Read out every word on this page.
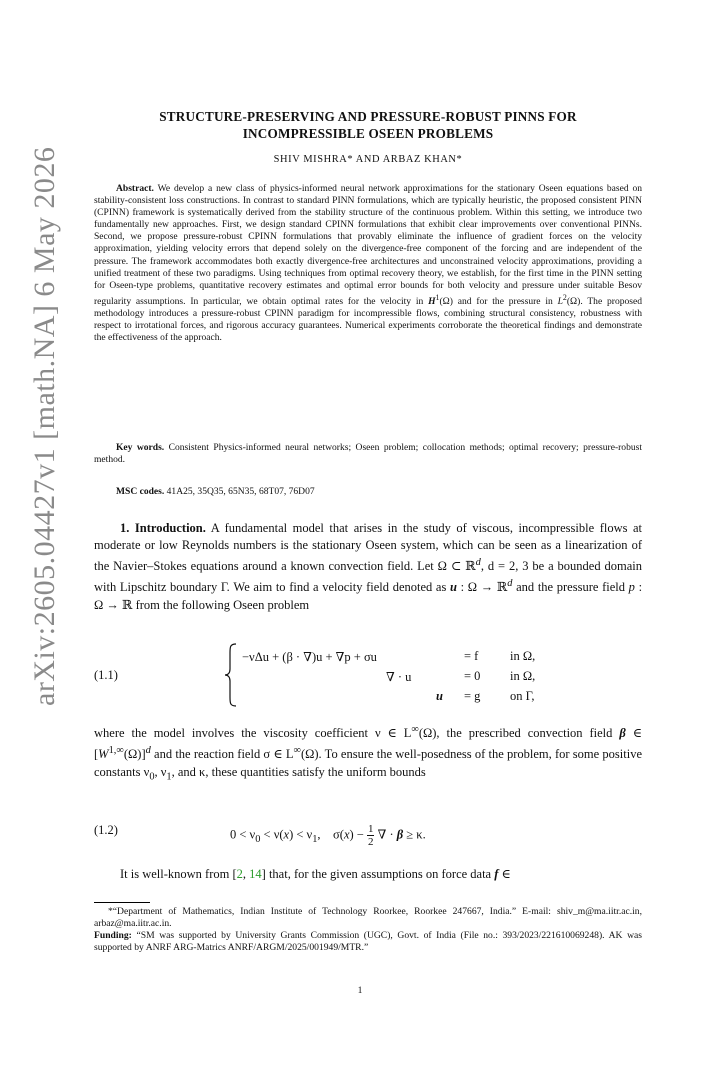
arXiv:2605.04427v1 [math.NA] 6 May 2026
STRUCTURE-PRESERVING AND PRESSURE-ROBUST PINNS FOR
INCOMPRESSIBLE OSEEN PROBLEMS
SHIV MISHRA* AND ARBAZ KHAN*
Abstract. We develop a new class of physics-informed neural network approximations for the stationary Oseen equations based on stability-consistent loss constructions. In contrast to standard PINN formulations, which are typically heuristic, the proposed consistent PINN (CPINN) framework is systematically derived from the stability structure of the continuous problem. Within this setting, we introduce two fundamentally new approaches. First, we design standard CPINN formulations that exhibit clear improvements over conventional PINNs. Second, we propose pressure-robust CPINN formulations that provably eliminate the influence of gradient forces on the velocity approximation, yielding velocity errors that depend solely on the divergence-free component of the forcing and are independent of the pressure. The framework accommodates both exactly divergence-free architectures and unconstrained velocity approximations, providing a unified treatment of these two paradigms. Using techniques from optimal recovery theory, we establish, for the first time in the PINN setting for Oseen-type problems, quantitative recovery estimates and optimal error bounds for both velocity and pressure under suitable Besov regularity assumptions. In particular, we obtain optimal rates for the velocity in $H^1(\Omega)$ and for the pressure in $L^2(\Omega)$. The proposed methodology introduces a pressure-robust CPINN paradigm for incompressible flows, combining structural consistency, robustness with respect to irrotational forces, and rigorous accuracy guarantees. Numerical experiments corroborate the theoretical findings and demonstrate the effectiveness of the approach.
Key words. Consistent Physics-informed neural networks; Oseen problem; collocation methods; optimal recovery; pressure-robust method.
MSC codes. 41A25, 35Q35, 65N35, 68T07, 76D07
1. Introduction. A fundamental model that arises in the study of viscous, incompressible flows at moderate or low Reynolds numbers is the stationary Oseen system, which can be seen as a linearization of the Navier–Stokes equations around a known convection field. Let Ω ⊂ ℝ$^d$, d = 2, 3 be a bounded domain with Lipschitz boundary Γ. We aim to find a velocity field denoted as u : Ω → ℝ$^d$ and the pressure field p : Ω → ℝ from the following Oseen problem
(1.1)
−νΔu + (β · ∇)u + ∇p + σu	= f	in Ω,
∇ · u	= 0 in Ω,
u = g on Γ,
where the model involves the viscosity coefficient ν ∈ L∞(Ω), the prescribed convection field β ∈ $[W^{1,\infty}(\Omega)]^d$ and the reaction field σ ∈ L∞(Ω). To ensure the well-posedness of the problem, for some positive constants $\nu_0$, $\nu_1$, and κ, these quantities satisfy the uniform bounds
(1.2)	$0 < \nu_0 < \nu(x) < \nu_1$,    $\sigma(x) - \frac{1}{2}$ ∇ · β ≥ κ.
It is well-known from [2, 14] that, for the given assumptions on force data f ∈
*“Department of Mathematics, Indian Institute of Technology Roorkee, Roorkee 247667, India.” E-mail: shiv_m@ma.iitr.ac.in, arbaz@ma.iitr.ac.in.
Funding: “SM was supported by University Grants Commission (UGC), Govt. of India (File no.: 393/2023/221610069248). AK was supported by ANRF ARG-Matrics ANRF/ARGM/2025/001949/MTR.”
1
